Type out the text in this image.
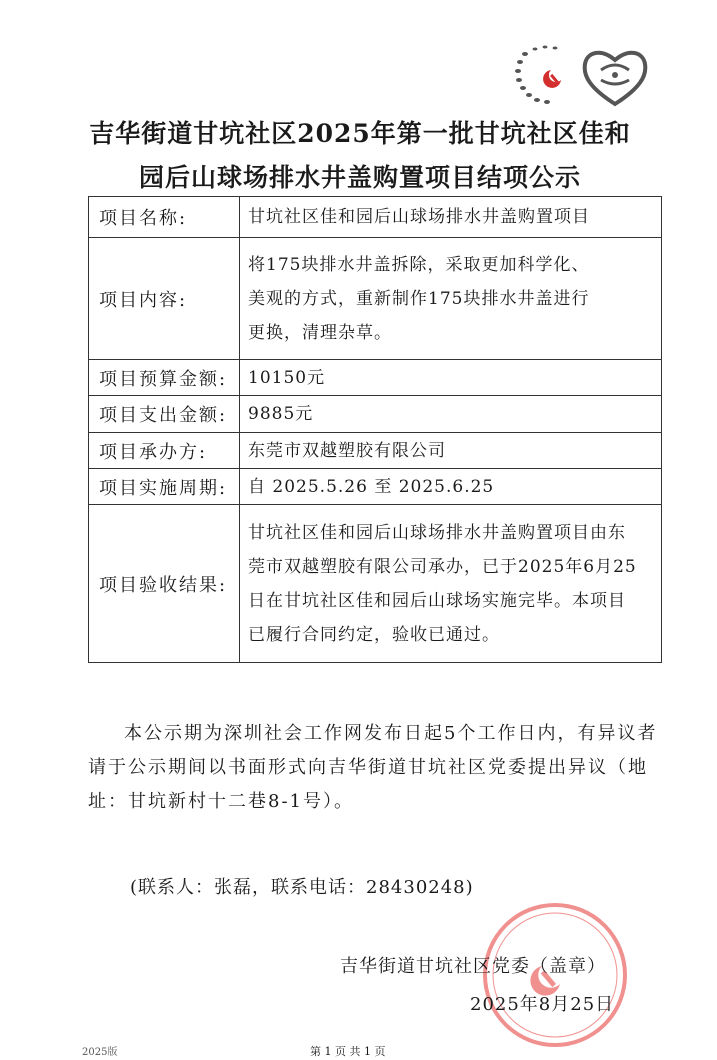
吉华街道甘坑社区2025年第一批甘坑社区佳和
园后山球场排水井盖购置项目结项公示
项目名称:	甘坑社区佳和园后山球场排水井盖购置项目

项目内容:	将175块排水井盖拆除，采取更加科学化、
美观的方式，重新制作175块排水井盖进行
更换，清理杂草。

项目预算金额:	10150元

项目支出金额:	9885元

项目承办方:	东莞市双越塑胶有限公司

项目实施周期:	自 2025.5.26 至 2025.6.25

项目验收结果:	甘坑社区佳和园后山球场排水井盖购置项目由东
莞市双越塑胶有限公司承办，已于2025年6月25
日在甘坑社区佳和园后山球场实施完毕。本项目
已履行合同约定，验收已通过。

本公示期为深圳社会工作网发布日起5个工作日内，有异议者请于公示期间以书面形式向吉华街道甘坑社区党委提出异议（地址：甘坑新村十二巷8-1号）。

(联系人：张磊，联系电话：28430248)
吉华街道甘坑社区党委（盖章）
2025年8月25日
2025版	第 1 页 共 1 页
